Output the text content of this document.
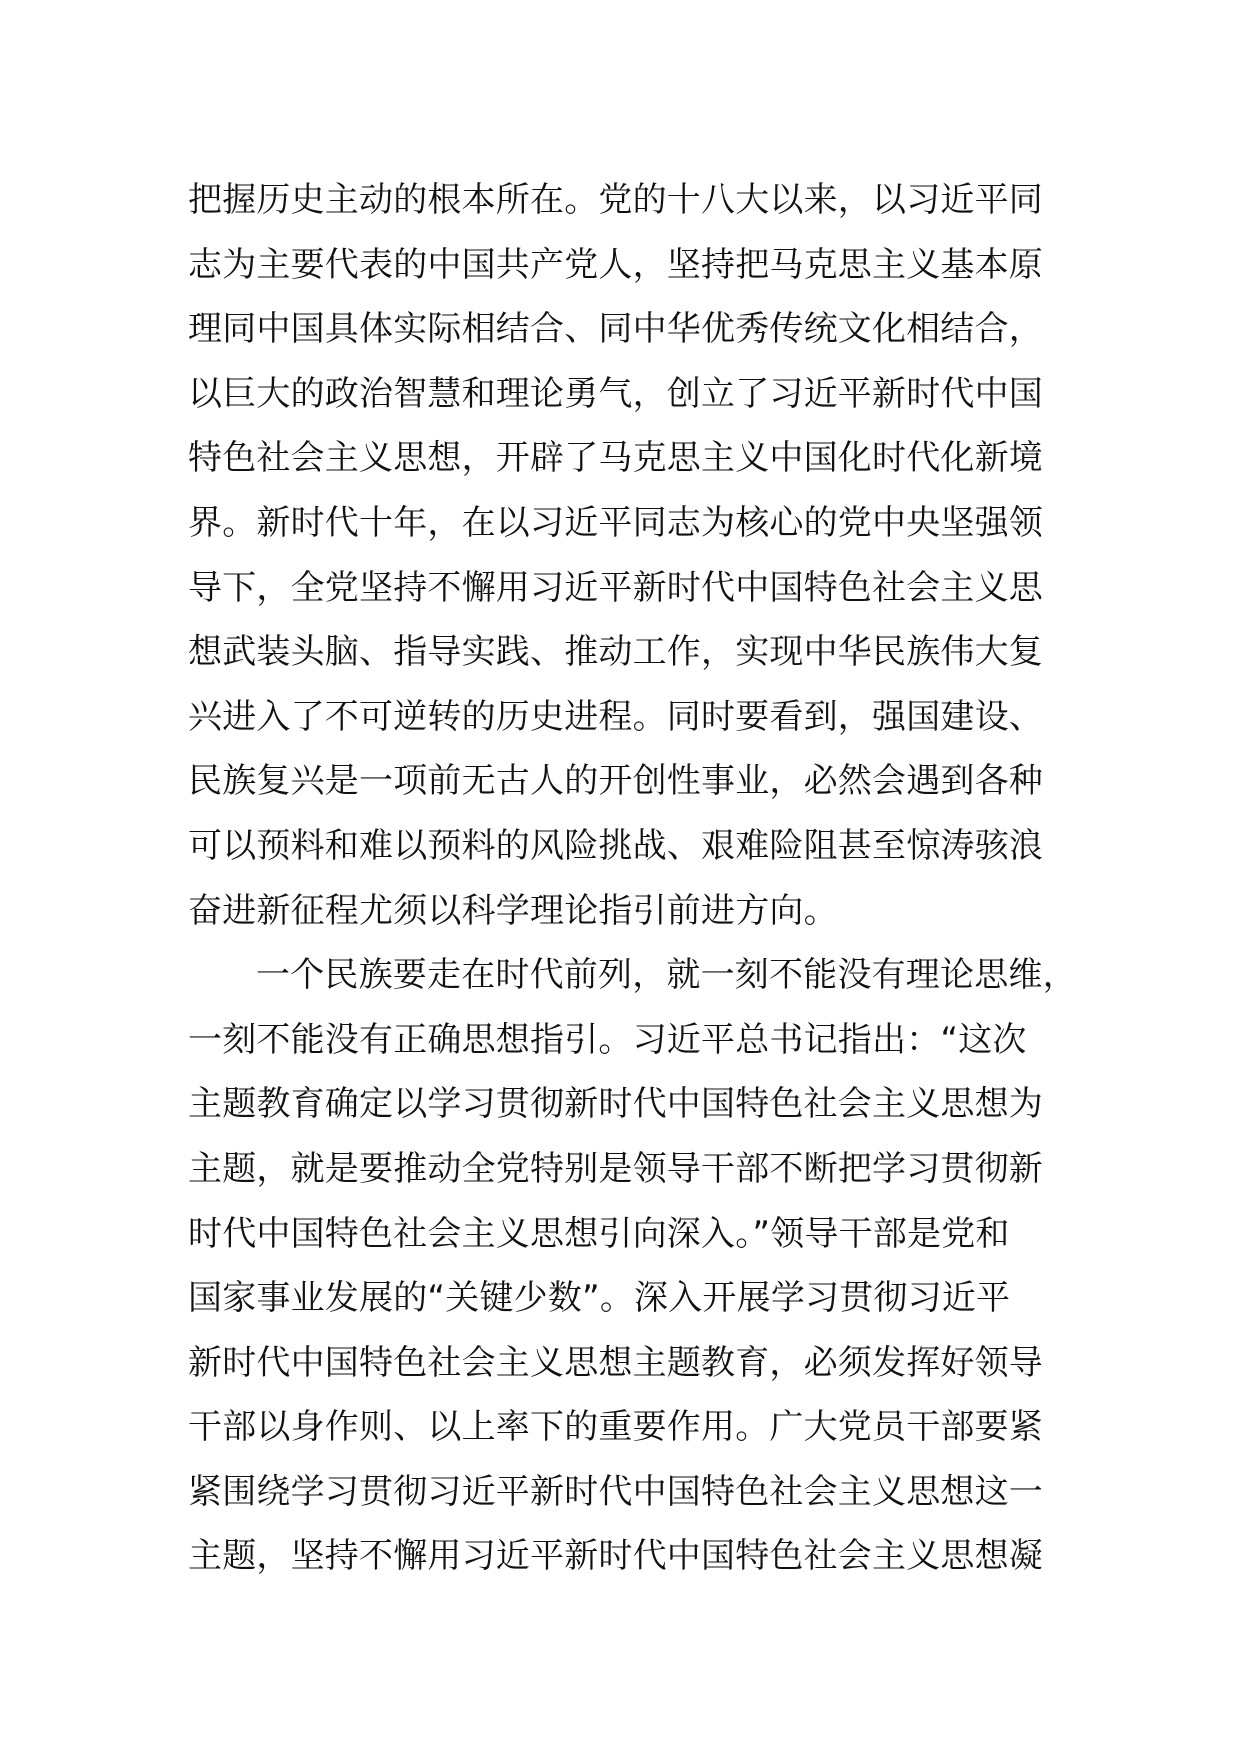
把握历史主动的根本所在。党的十八大以来，以习近平同
志为主要代表的中国共产党人，坚持把马克思主义基本原
理同中国具体实际相结合、同中华优秀传统文化相结合，
以巨大的政治智慧和理论勇气，创立了习近平新时代中国
特色社会主义思想，开辟了马克思主义中国化时代化新境
界。新时代十年，在以习近平同志为核心的党中央坚强领
导下，全党坚持不懈用习近平新时代中国特色社会主义思
想武装头脑、指导实践、推动工作，实现中华民族伟大复
兴进入了不可逆转的历史进程。同时要看到，强国建设、
民族复兴是一项前无古人的开创性事业，必然会遇到各种
可以预料和难以预料的风险挑战、艰难险阻甚至惊涛骇浪
奋进新征程尤须以科学理论指引前进方向。
一个民族要走在时代前列，就一刻不能没有理论思维，
一刻不能没有正确思想指引。习近平总书记指出：“这次
主题教育确定以学习贯彻新时代中国特色社会主义思想为
主题，就是要推动全党特别是领导干部不断把学习贯彻新
时代中国特色社会主义思想引向深入。”领导干部是党和
国家事业发展的“关键少数”。深入开展学习贯彻习近平
新时代中国特色社会主义思想主题教育，必须发挥好领导
干部以身作则、以上率下的重要作用。广大党员干部要紧
紧围绕学习贯彻习近平新时代中国特色社会主义思想这一
主题，坚持不懈用习近平新时代中国特色社会主义思想凝
